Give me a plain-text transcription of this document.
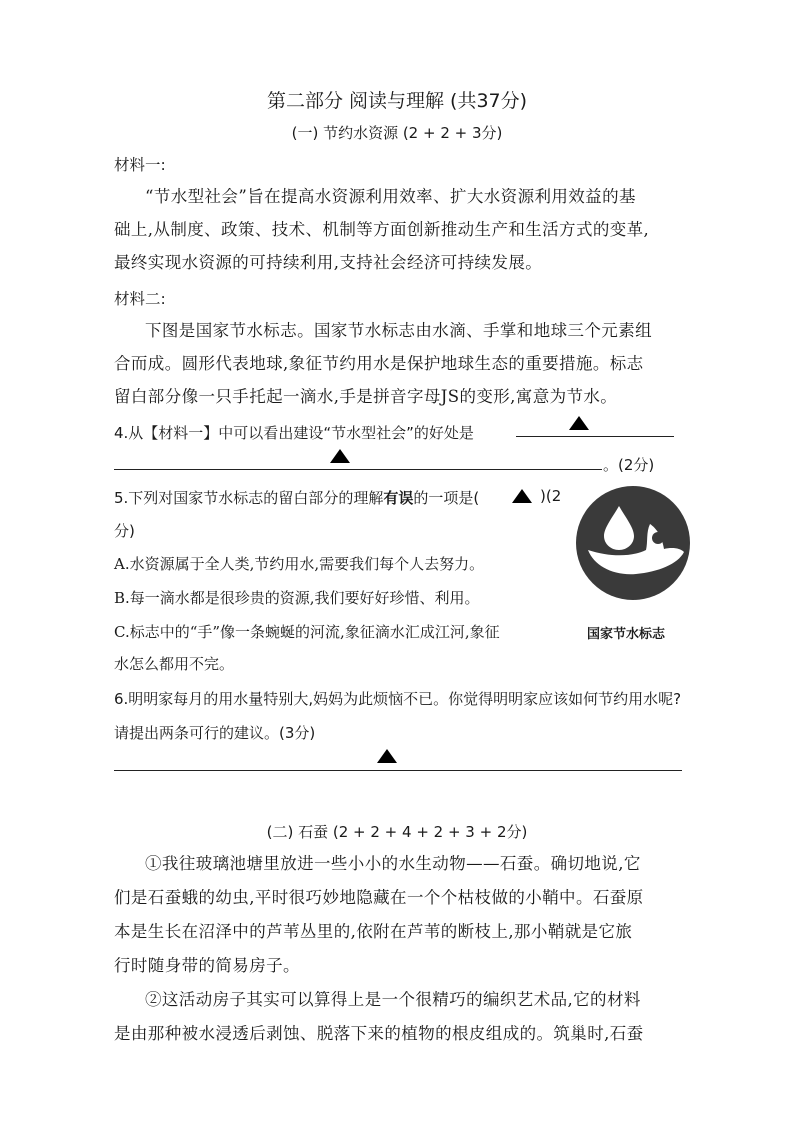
第二部分 阅读与理解 (共37分)
(一) 节约水资源 (2 + 2 + 3分)
材料一:
“节水型社会”旨在提高水资源利用效率、扩大水资源利用效益的基
础上,从制度、政策、技术、机制等方面创新推动生产和生活方式的变革,
最终实现水资源的可持续利用,支持社会经济可持续发展。
材料二:
下图是国家节水标志。国家节水标志由水滴、手掌和地球三个元素组
合而成。圆形代表地球,象征节约用水是保护地球生态的重要措施。标志
留白部分像一只手托起一滴水,手是拼音字母JS的变形,寓意为节水。
4.从【材料一】中可以看出建设“节水型社会”的好处是
。(2分)
5.下列对国家节水标志的留白部分的理解有误的一项是(	)(2
分)
A.水资源属于全人类,节约用水,需要我们每个人去努力。
B.每一滴水都是很珍贵的资源,我们要好好珍惜、利用。
C.标志中的“手”像一条蜿蜒的河流,象征滴水汇成江河,象征
水怎么都用不完。
国家节水标志
6.明明家每月的用水量特别大,妈妈为此烦恼不已。你觉得明明家应该如何节约用水呢?
请提出两条可行的建议。(3分)
(二) 石蚕 (2 + 2 + 4 + 2 + 3 + 2分)
①我往玻璃池塘里放进一些小小的水生动物——石蚕。确切地说,它
们是石蚕蛾的幼虫,平时很巧妙地隐藏在一个个枯枝做的小鞘中。石蚕原
本是生长在沼泽中的芦苇丛里的,依附在芦苇的断枝上,那小鞘就是它旅
行时随身带的简易房子。
②这活动房子其实可以算得上是一个很精巧的编织艺术品,它的材料
是由那种被水浸透后剥蚀、脱落下来的植物的根皮组成的。筑巢时,石蚕
